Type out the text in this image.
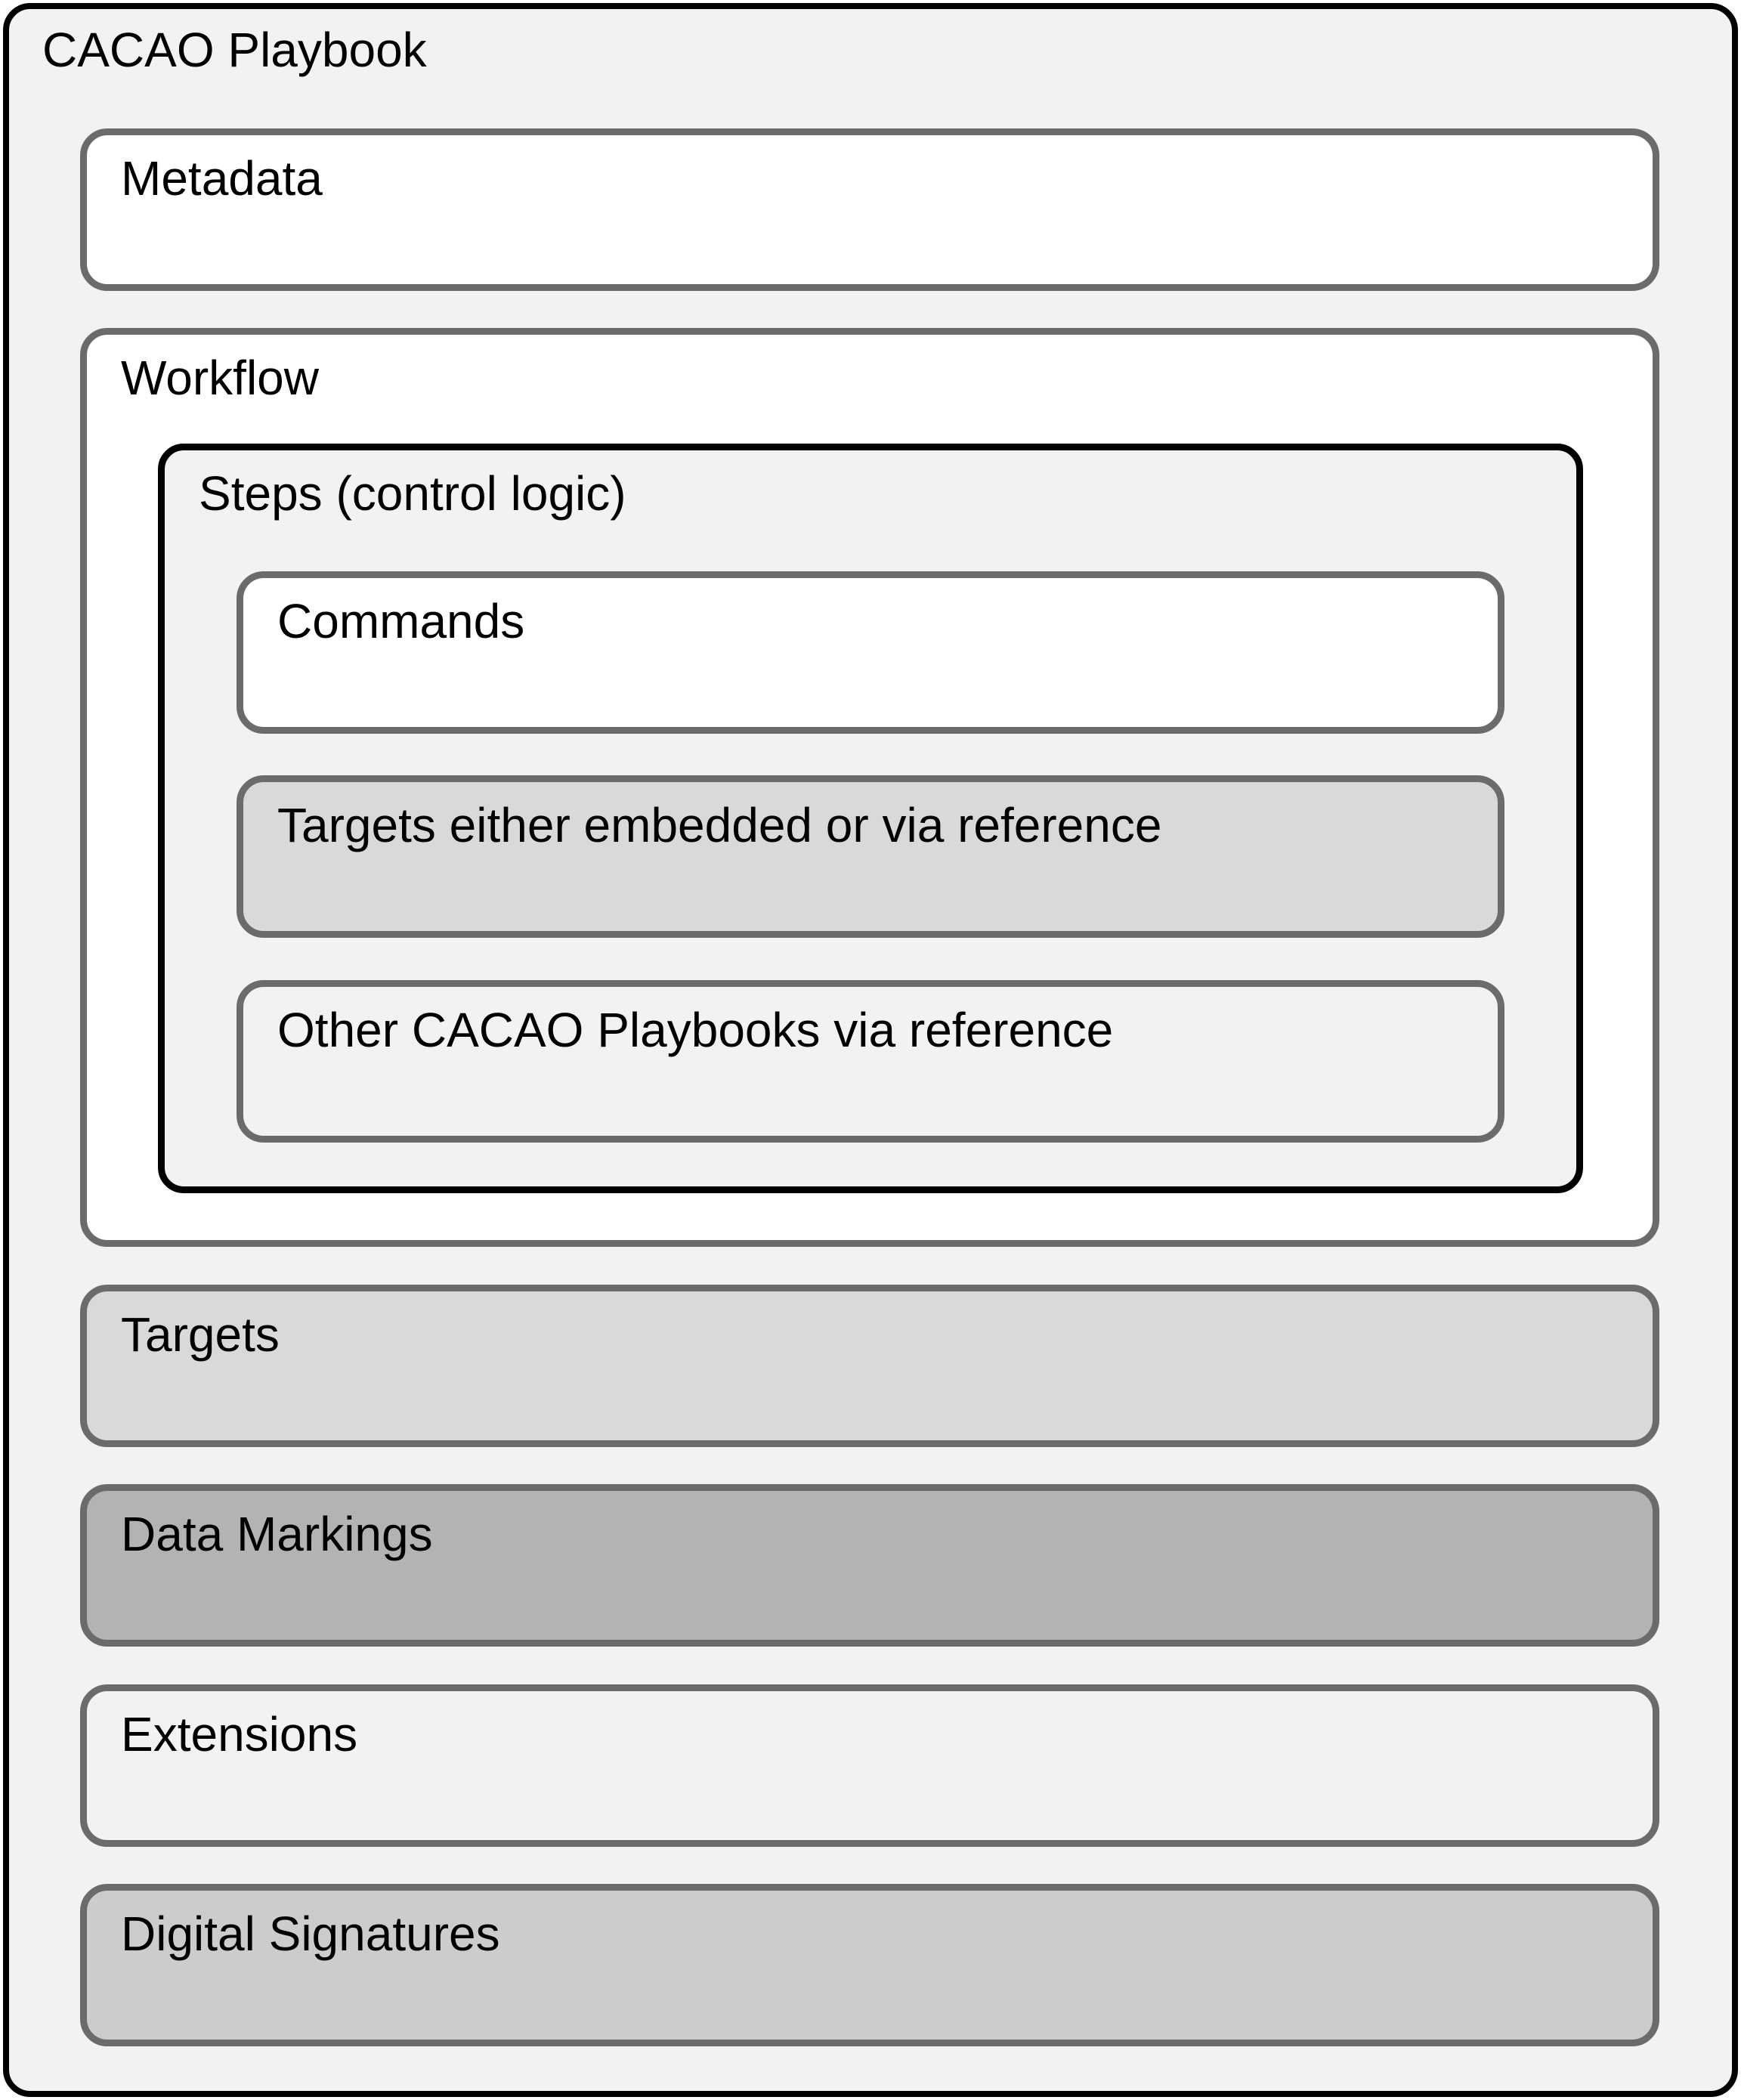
CACAO Playbook
Metadata
Workflow
Steps (control logic)
Commands
Targets either embedded or via reference
Other CACAO Playbooks via reference
Targets
Data Markings
Extensions
Digital Signatures
